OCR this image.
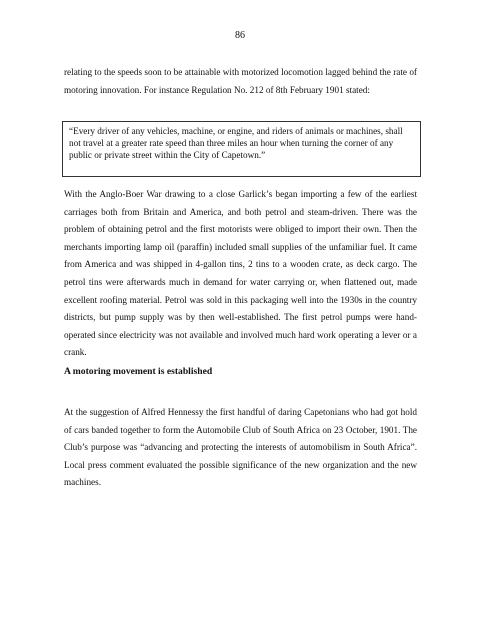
86

relating to the speeds soon to be attainable with motorized locomotion lagged behind the rate of motoring innovation. For instance Regulation No. 212 of 8th February 1901 stated:

“Every driver of any vehicles, machine, or engine, and riders of animals or machines, shall not travel at a greater rate speed than three miles an hour when turning the corner of any public or private street within the City of Capetown.”

With the Anglo-Boer War drawing to a close Garlick’s began importing a few of the earliest carriages both from Britain and America, and both petrol and steam-driven. There was the problem of obtaining petrol and the first motorists were obliged to import their own. Then the merchants importing lamp oil (paraffin) included small supplies of the unfamiliar fuel. It came from America and was shipped in 4-gallon tins, 2 tins to a wooden crate, as deck cargo. The petrol tins were afterwards much in demand for water carrying or, when flattened out, made excellent roofing material. Petrol was sold in this packaging well into the 1930s in the country districts, but pump supply was by then well-established. The first petrol pumps were hand-operated since electricity was not available and involved much hard work operating a lever or a crank.

A motoring movement is established

At the suggestion of Alfred Hennessy the first handful of daring Capetonians who had got hold of cars banded together to form the Automobile Club of South Africa on 23 October, 1901. The Club’s purpose was “advancing and protecting the interests of automobilism in South Africa”. Local press comment evaluated the possible significance of the new organization and the new machines.
